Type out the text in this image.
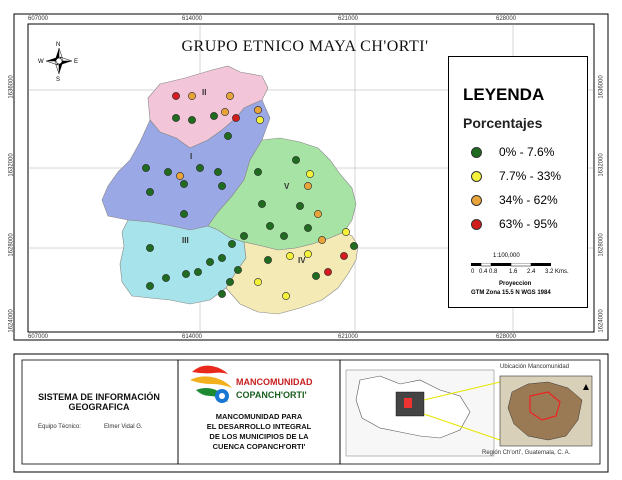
N
S
W	E
607000	614000	621000	628000
607000	614000	621000	628000
1636000
1632000
1628000
1624000
1636000
1632000
1628000
1624000
GRUPO ETNICO MAYA CH'ORTI'
I
II
III
IV
V
LEYENDA
Porcentajes
0% - 7.6%
7.7% - 33%
34% - 62%
63% - 95%
1:100,000
0 0.4 0.8 1.6 2.4 3.2 Kms.
Proyeccion
GTM Zona 15.5 N WGS 1984
SISTEMA DE INFORMACIÓN GEOGRAFICA
Equipo Técnico:	Elmer Vidal G.
MANCOMUNIDAD
COPANCH'ORTI'
MANCOMUNIDAD PARA
EL DESARROLLO INTEGRAL
DE LOS MUNICIPIOS DE LA
CUENCA COPANCH'ORTI'
Ubicación Mancomunidad
Región Ch'ortí', Guatemala, C. A.
